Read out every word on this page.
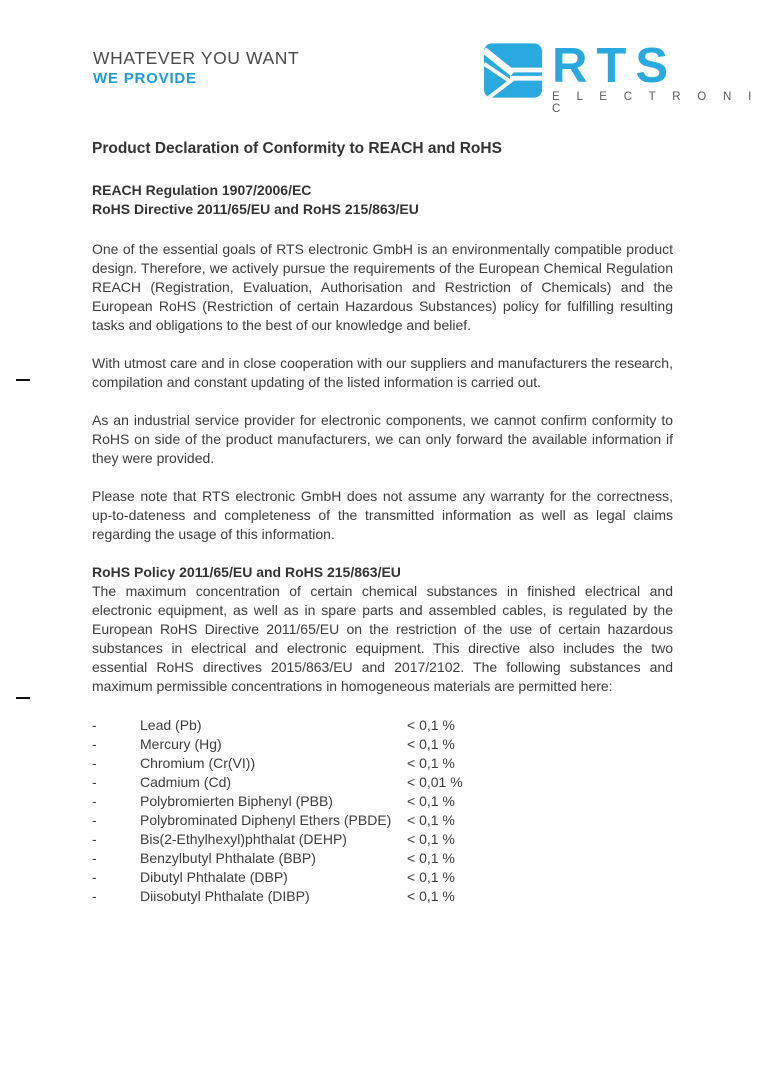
WHATEVER YOU WANT
WE PROVIDE	RTS
E L E C T R O N I C
Product Declaration of Conformity to REACH and RoHS
REACH Regulation 1907/2006/EC
RoHS Directive 2011/65/EU and RoHS 215/863/EU

One of the essential goals of RTS electronic GmbH is an environmentally compatible product design. Therefore, we actively pursue the requirements of the European Chemical Regulation REACH (Registration, Evaluation, Authorisation and Restriction of Chemicals) and the European RoHS (Restriction of certain Hazardous Substances) policy for fulfilling resulting tasks and obligations to the best of our knowledge and belief.

With utmost care and in close cooperation with our suppliers and manufacturers the research, compilation and constant updating of the listed information is carried out.

As an industrial service provider for electronic components, we cannot confirm conformity to RoHS on side of the product manufacturers, we can only forward the available information if they were provided.

Please note that RTS electronic GmbH does not assume any warranty for the correctness, up-to-dateness and completeness of the transmitted information as well as legal claims regarding the usage of this information.

RoHS Policy 2011/65/EU and RoHS 215/863/EU

The maximum concentration of certain chemical substances in finished electrical and electronic equipment, as well as in spare parts and assembled cables, is regulated by the European RoHS Directive 2011/65/EU on the restriction of the use of certain hazardous substances in electrical and electronic equipment. This directive also includes the two essential RoHS directives 2015/863/EU and 2017/2102. The following substances and maximum permissible concentrations in homogeneous materials are permitted here:

-	Lead (Pb)	< 0,1 %
-	Mercury (Hg)	< 0,1 %
-	Chromium (Cr(VI))	< 0,1 %
-	Cadmium (Cd)	< 0,01 %
-	Polybromierten Biphenyl (PBB)	< 0,1 %
-	Polybrominated Diphenyl Ethers (PBDE)	< 0,1 %
-	Bis(2-Ethylhexyl)phthalat (DEHP)	< 0,1 %
-	Benzylbutyl Phthalate (BBP)	< 0,1 %
-	Dibutyl Phthalate (DBP)	< 0,1 %
-	Diisobutyl Phthalate (DIBP)	< 0,1 %
